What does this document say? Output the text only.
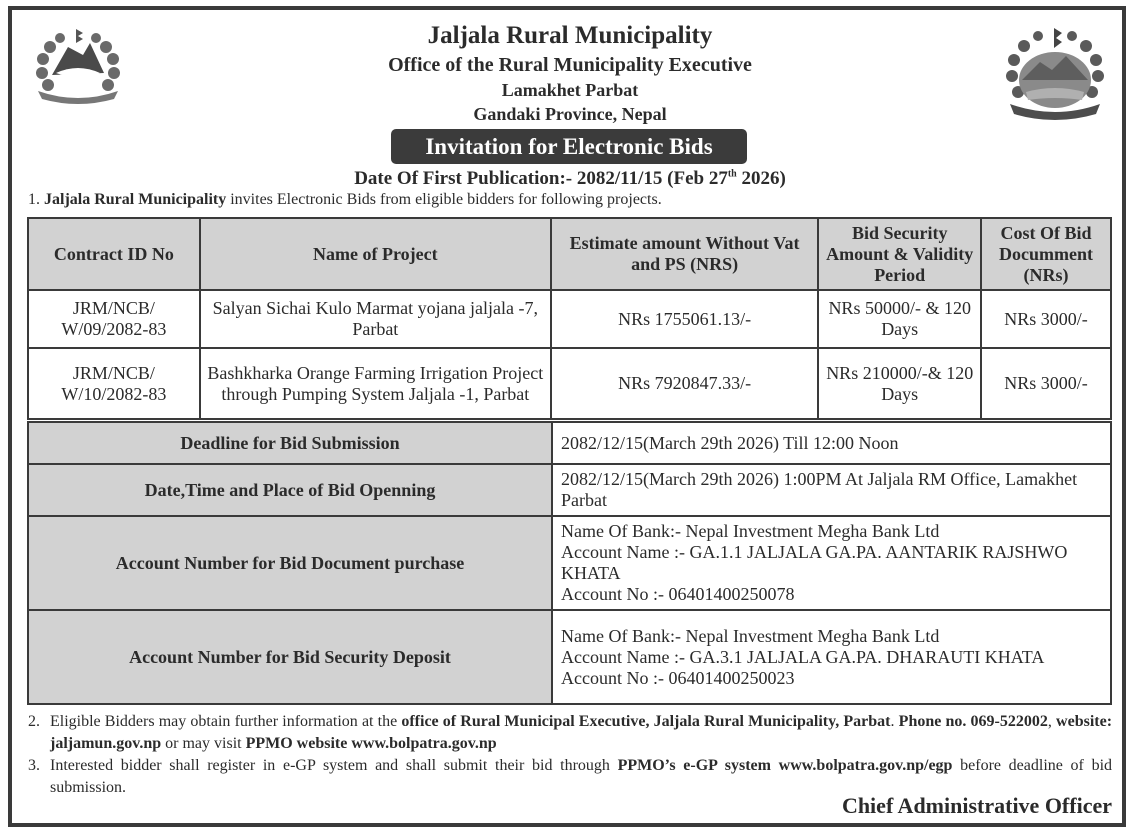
Jaljala Rural Municipality
Office of the Rural Municipality Executive
Lamakhet Parbat
Gandaki Province, Nepal
Invitation for Electronic Bids
Date Of First Publication:- 2082/11/15 (Feb 27th 2026)
1. Jaljala Rural Municipality invites Electronic Bids from eligible bidders for following projects.
Contract ID No	Name of Project	Estimate amount Without Vat and PS (NRS)	Bid Security Amount & Validity Period	Cost Of Bid Documment (NRs)
JRM/NCB/ W/09/2082-83	Salyan Sichai Kulo Marmat yojana jaljala -7, Parbat	NRs 1755061.13/-	NRs 50000/- & 120 Days	NRs 3000/-
JRM/NCB/ W/10/2082-83	Bashkharka Orange Farming Irrigation Project through Pumping System Jaljala -1, Parbat	NRs 7920847.33/-	NRs 210000/-& 120 Days	NRs 3000/-
Deadline for Bid Submission	2082/12/15(March 29th 2026) Till 12:00 Noon
Date,Time and Place of Bid Openning	2082/12/15(March 29th 2026) 1:00PM At Jaljala RM Office, Lamakhet Parbat
Account Number for Bid Document purchase	Name Of Bank:- Nepal Investment Megha Bank Ltd
Account Name :- GA.1.1 JALJALA GA.PA. AANTARIK RAJSHWO KHATA
Account No :- 06401400250078

Account Number for Bid Security Deposit	Name Of Bank:- Nepal Investment Megha Bank Ltd
Account Name :- GA.3.1 JALJALA GA.PA. DHARAUTI KHATA
Account No :- 06401400250023
2. Eligible Bidders may obtain further information at the office of Rural Municipal Executive, Jaljala Rural Municipality, Parbat. Phone no. 069-522002, website: jaljamun.gov.np or may visit PPMO website www.bolpatra.gov.np
3. Interested bidder shall register in e-GP system and shall submit their bid through PPMO’s e-GP system www.bolpatra.gov.np/egp before deadline of bid submission.
Chief Administrative Officer
